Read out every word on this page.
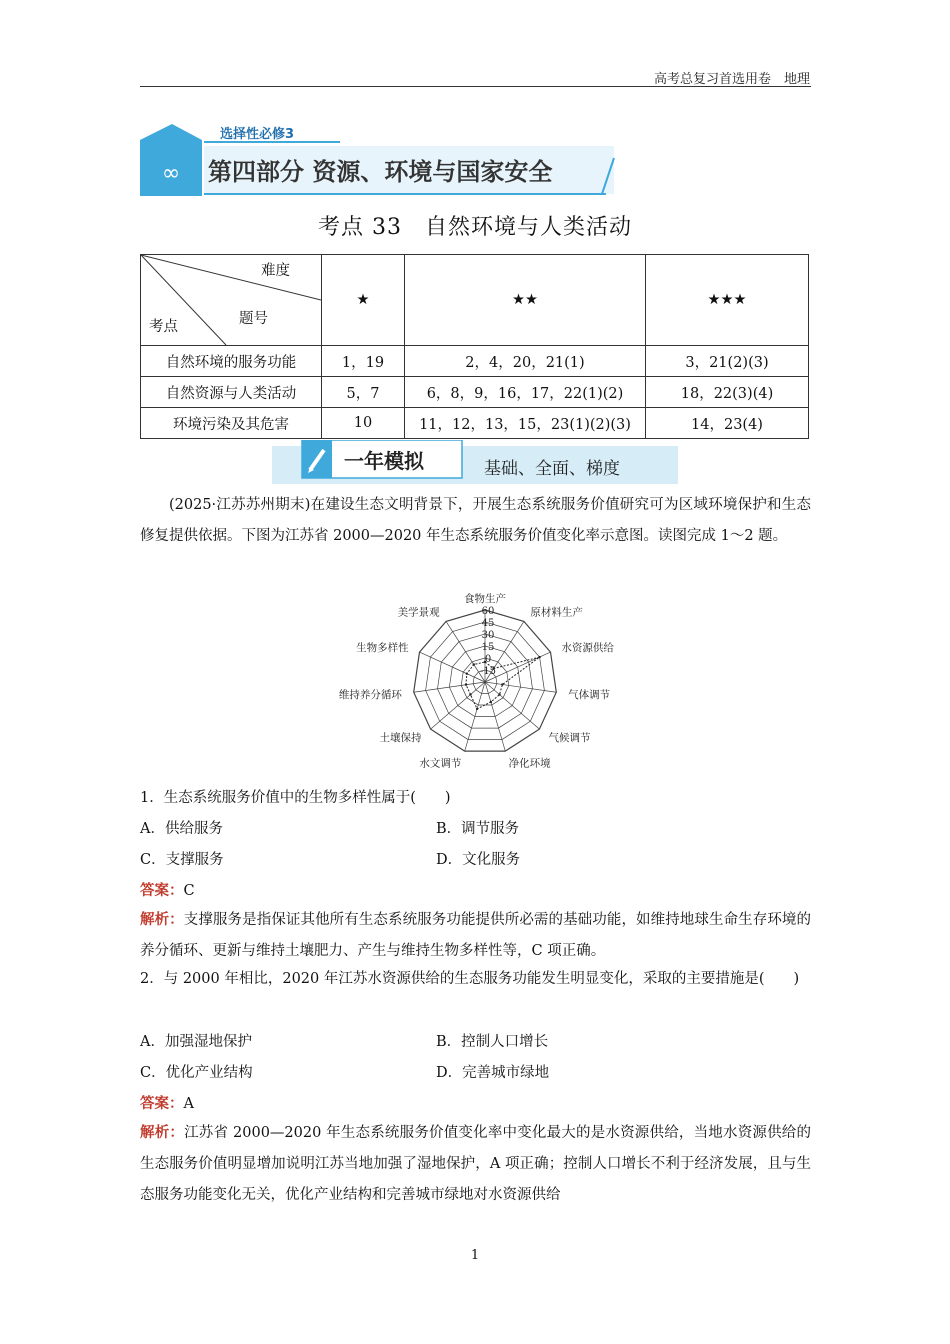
高考总复习首选用卷　地理
∞
选择性必修3
第四部分 资源、环境与国家安全
考点 33　自然环境与人类活动
难度
题号
考点	★	★★	★★★
自然环境的服务功能	1，19	2，4，20，21(1)	3，21(2)(3)
自然资源与人类活动	5，7	6，8，9，16，17，22(1)(2)	18，22(3)(4)
环境污染及其危害	10	11，12，13，15，23(1)(2)(3)	14，23(4)
一年模拟	基础、全面、梯度
(2025·江苏苏州期末)在建设生态文明背景下，开展生态系统服务价值研究可为区域环境保护和生态修复提供依据。下图为江苏省 2000—2020 年生态系统服务价值变化率示意图。读图完成 1～2 题。
60
45
30
15
0
-15
食物生产
原材料生产
水资源供给
气体调节
气候调节
净化环境
水文调节
土壤保持
维持养分循环
生物多样性
美学景观
1．生态系统服务价值中的生物多样性属于(　　)
A．供给服务	B．调节服务
C．支撑服务	D．文化服务
答案：C
解析：支撑服务是指保证其他所有生态系统服务功能提供所必需的基础功能，如维持地球生命生存环境的养分循环、更新与维持土壤肥力、产生与维持生物多样性等，C 项正确。
2．与 2000 年相比，2020 年江苏水资源供给的生态服务功能发生明显变化，采取的主要措施是(　　)
A．加强湿地保护	B．控制人口增长
C．优化产业结构	D．完善城市绿地
答案：A
解析：江苏省 2000—2020 年生态系统服务价值变化率中变化最大的是水资源供给，当地水资源供给的生态服务价值明显增加说明江苏当地加强了湿地保护，A 项正确；控制人口增长不利于经济发展，且与生态服务功能变化无关，优化产业结构和完善城市绿地对水资源供给
1
